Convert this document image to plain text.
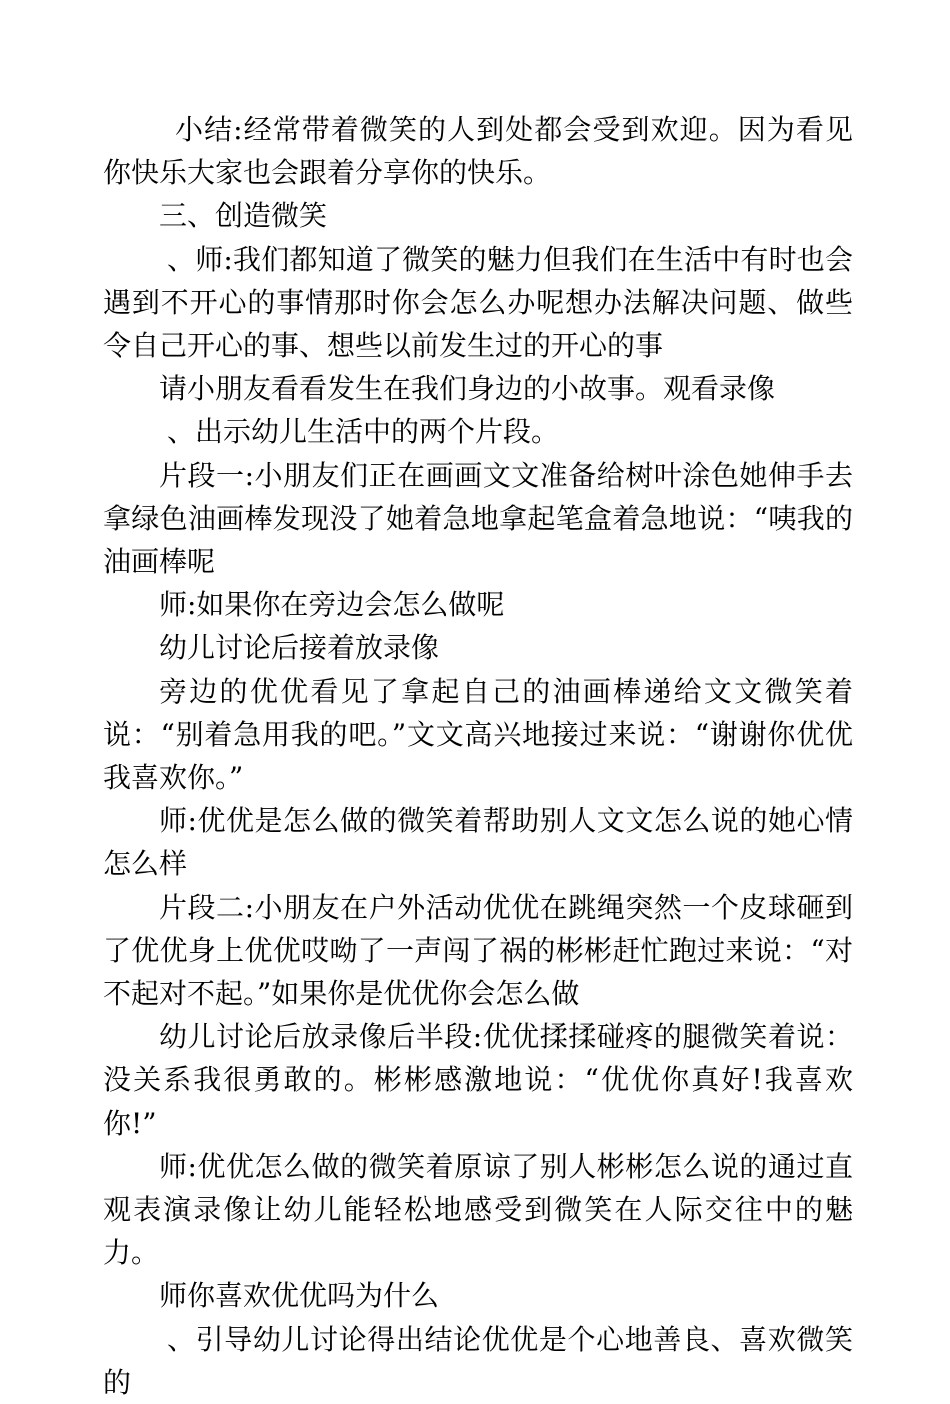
小结:经常带着微笑的人到处都会受到欢迎。因为看见你快乐大家也会跟着分享你的快乐。

三、创造微笑

、师:我们都知道了微笑的魅力但我们在生活中有时也会遇到不开心的事情那时你会怎么办呢想办法解决问题、做些令自己开心的事、想些以前发生过的开心的事

请小朋友看看发生在我们身边的小故事。观看录像

、出示幼儿生活中的两个片段。

片段一:小朋友们正在画画文文准备给树叶涂色她伸手去拿绿色油画棒发现没了她着急地拿起笔盒着急地说：“咦我的油画棒呢

师:如果你在旁边会怎么做呢

幼儿讨论后接着放录像

旁边的优优看见了拿起自己的油画棒递给文文微笑着说：“别着急用我的吧。”文文高兴地接过来说：“谢谢你优优我喜欢你。”

师:优优是怎么做的微笑着帮助别人文文怎么说的她心情怎么样

片段二:小朋友在户外活动优优在跳绳突然一个皮球砸到了优优身上优优哎呦了一声闯了祸的彬彬赶忙跑过来说：“对不起对不起。”如果你是优优你会怎么做

幼儿讨论后放录像后半段:优优揉揉碰疼的腿微笑着说：没关系我很勇敢的。彬彬感激地说：“优优你真好!我喜欢你!”

师:优优怎么做的微笑着原谅了别人彬彬怎么说的通过直观表演录像让幼儿能轻松地感受到微笑在人际交往中的魅力。

师你喜欢优优吗为什么

、引导幼儿讨论得出结论优优是个心地善良、喜欢微笑的
